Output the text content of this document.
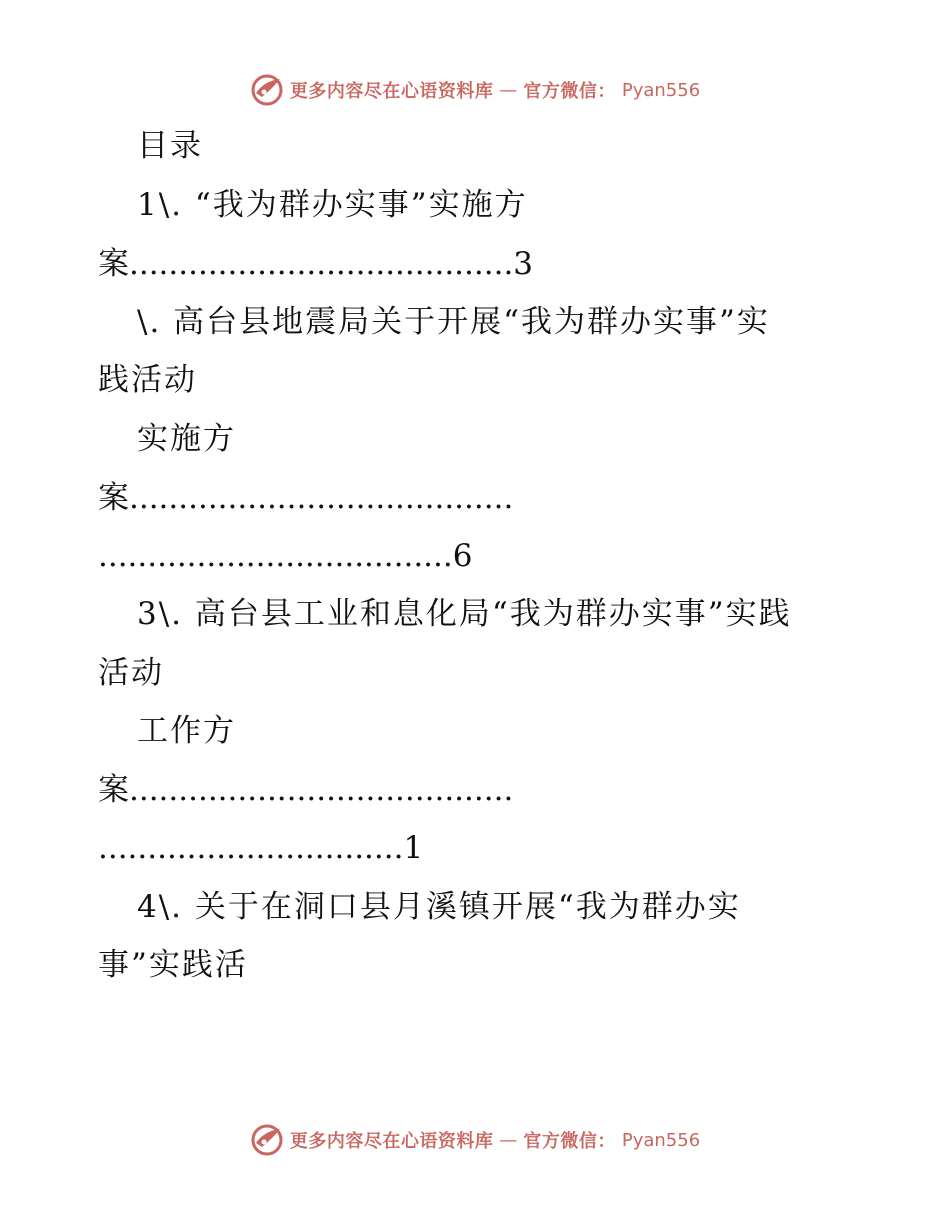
更多内容尽在心语资料库 — 官方微信： Pyan556
目录
1\. “我为群办实事”实施方
案.......................................3
\. 高台县地震局关于开展“我为群办实事”实
践活动
实施方
案.......................................
....................................6
3\. 高台县工业和息化局“我为群办实事”实践
活动
工作方
案.......................................
...............................1
4\. 关于在洞口县月溪镇开展“我为群办实
事”实践活
更多内容尽在心语资料库 — 官方微信： Pyan556
